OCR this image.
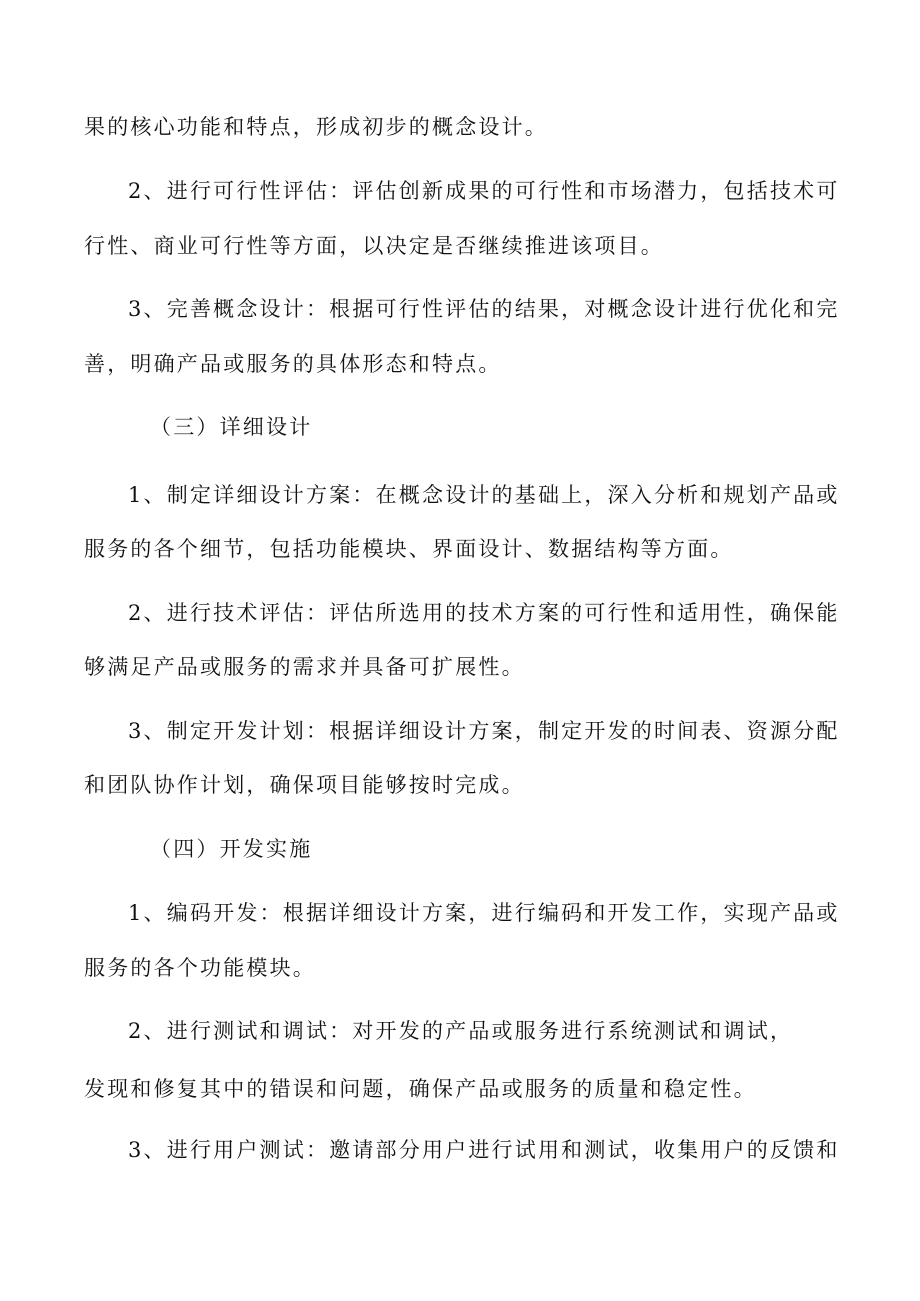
果的核心功能和特点，形成初步的概念设计。
2、进行可行性评估：评估创新成果的可行性和市场潜力，包括技术可
行性、商业可行性等方面，以决定是否继续推进该项目。
3、完善概念设计：根据可行性评估的结果，对概念设计进行优化和完
善，明确产品或服务的具体形态和特点。
（三）详细设计
1、制定详细设计方案：在概念设计的基础上，深入分析和规划产品或
服务的各个细节，包括功能模块、界面设计、数据结构等方面。
2、进行技术评估：评估所选用的技术方案的可行性和适用性，确保能
够满足产品或服务的需求并具备可扩展性。
3、制定开发计划：根据详细设计方案，制定开发的时间表、资源分配
和团队协作计划，确保项目能够按时完成。
（四）开发实施
1、编码开发：根据详细设计方案，进行编码和开发工作，实现产品或
服务的各个功能模块。
2、进行测试和调试：对开发的产品或服务进行系统测试和调试，
发现和修复其中的错误和问题，确保产品或服务的质量和稳定性。
3、进行用户测试：邀请部分用户进行试用和测试，收集用户的反馈和
